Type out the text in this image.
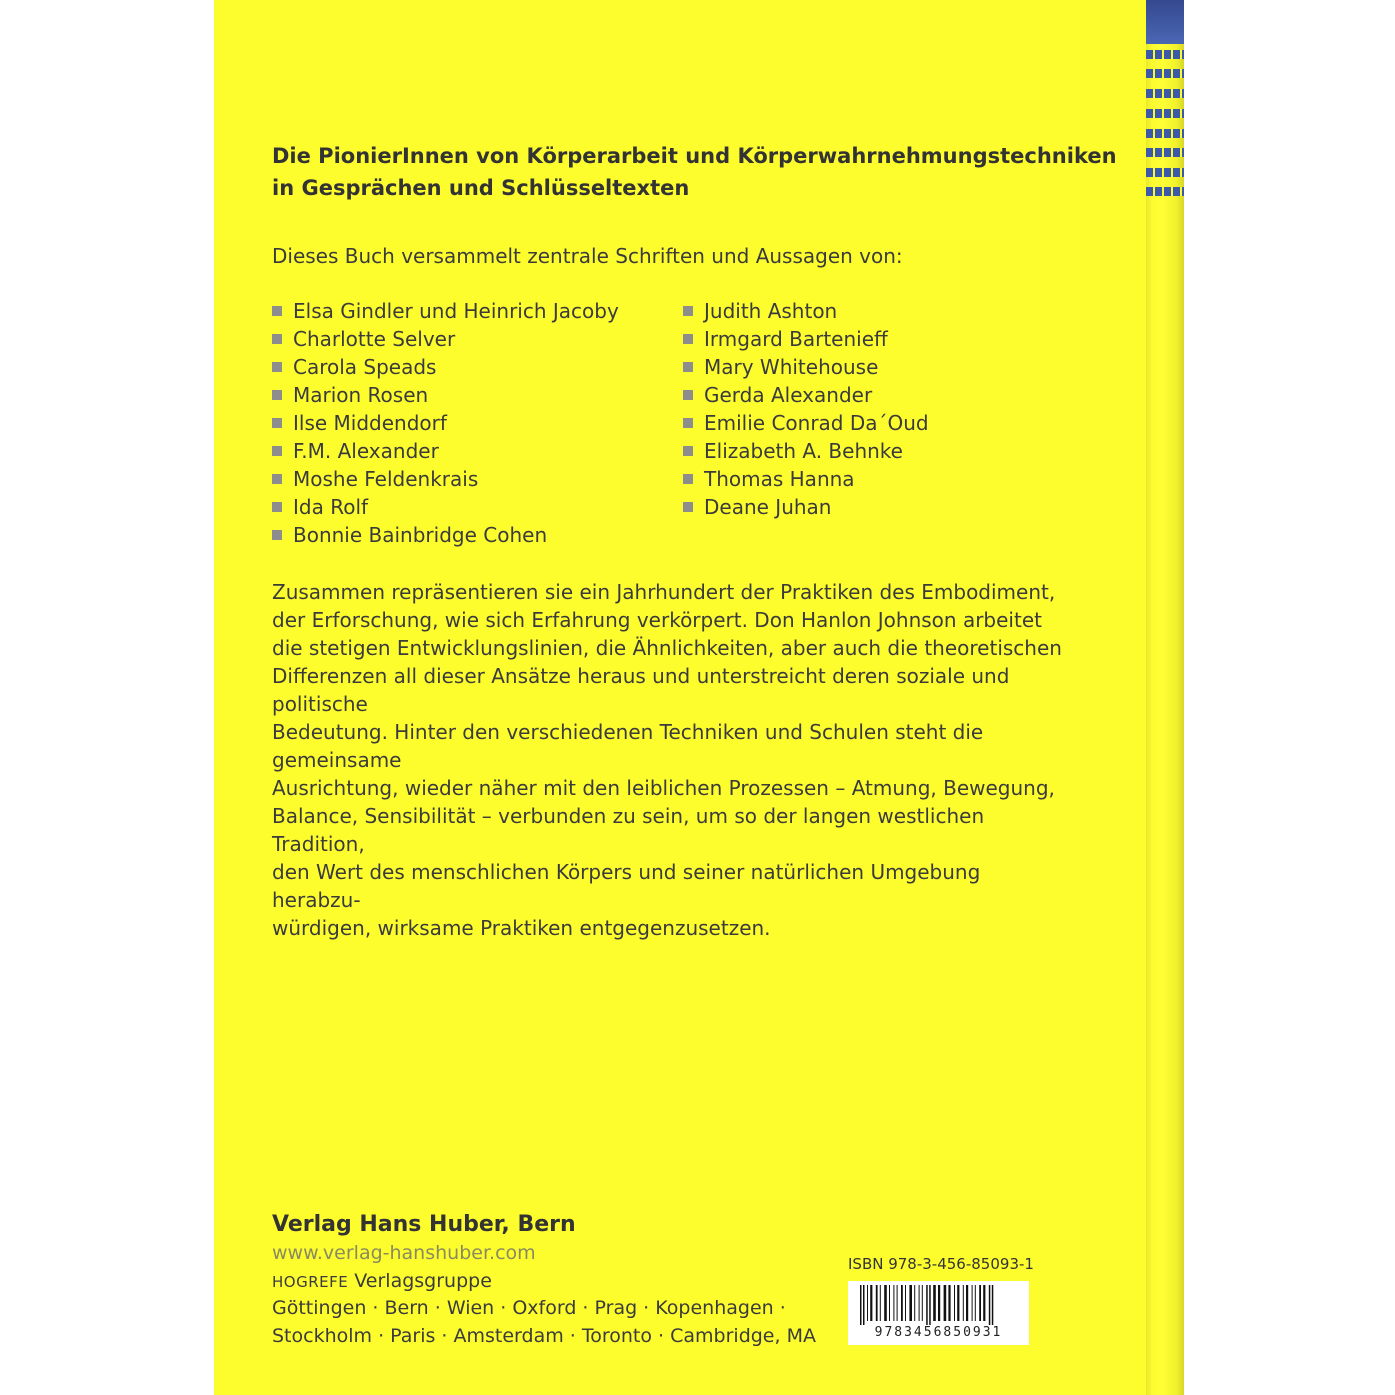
Die PionierInnen von Körperarbeit und Körperwahrnehmungstechniken
in Gesprächen und Schlüsseltexten
Dieses Buch versammelt zentrale Schriften und Aussagen von:
Elsa Gindler und Heinrich Jacoby
Charlotte Selver
Carola Speads
Marion Rosen
Ilse Middendorf
F.M. Alexander
Moshe Feldenkrais
Ida Rolf
Bonnie Bainbridge Cohen
Judith Ashton
Irmgard Bartenieff
Mary Whitehouse
Gerda Alexander
Emilie Conrad Da´Oud
Elizabeth A. Behnke
Thomas Hanna
Deane Juhan

Zusammen repräsentieren sie ein Jahrhundert der Praktiken des Embodiment,

der Erforschung, wie sich Erfahrung verkörpert. Don Hanlon Johnson arbeitet

die stetigen Entwicklungslinien, die Ähnlichkeiten, aber auch die theoretischen

Differenzen all dieser Ansätze heraus und unterstreicht deren soziale und politische

Bedeutung. Hinter den verschiedenen Techniken und Schulen steht die gemeinsame

Ausrichtung, wieder näher mit den leiblichen Prozessen – Atmung, Bewegung,

Balance, Sensibilität – verbunden zu sein, um so der langen westlichen Tradition,

den Wert des menschlichen Körpers und seiner natürlichen Umgebung herabzu-

würdigen, wirksame Praktiken entgegenzusetzen.

Verlag Hans Huber, Bern
www.verlag-hanshuber.com
HOGREFE Verlagsgruppe
Göttingen · Bern · Wien · Oxford · Prag · Kopenhagen ·
Stockholm · Paris · Amsterdam · Toronto · Cambridge, MA
ISBN 978-3-456-85093-1
9783456850931
